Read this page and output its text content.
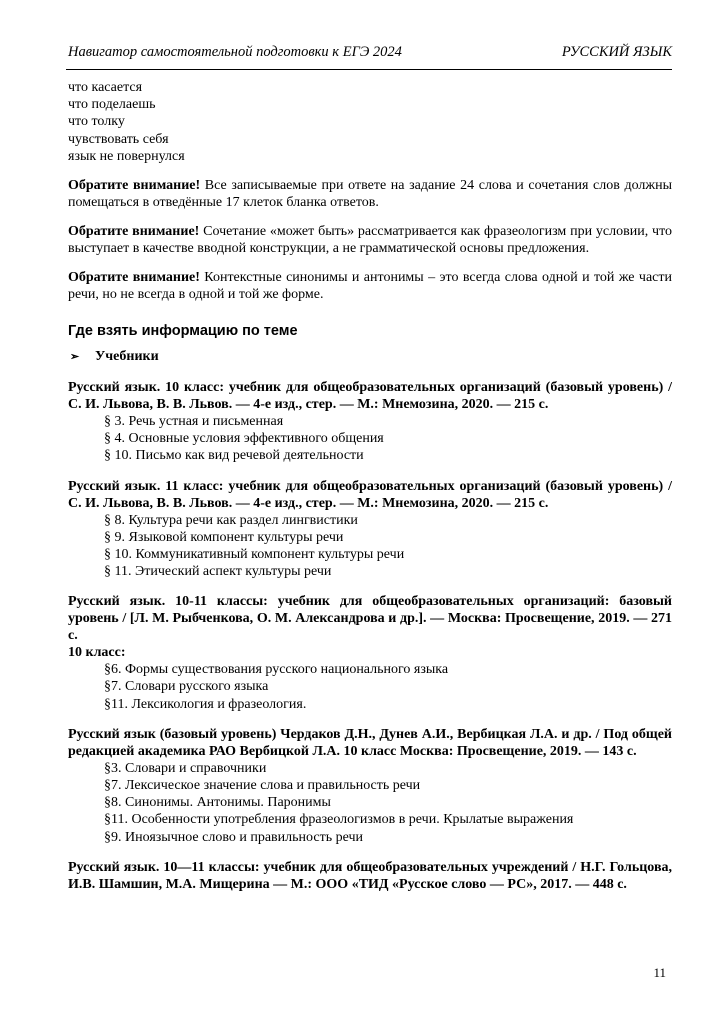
Навигатор самостоятельной подготовки к ЕГЭ 2024	РУССКИЙ ЯЗЫК
что касается
что поделаешь
что толку
чувствовать себя
язык не повернулся

Обратите внимание! Все записываемые при ответе на задание 24 слова и сочетания слов должны помещаться в отведённые 17 клеток бланка ответов.

Обратите внимание! Сочетание «может быть» рассматривается как фразеологизм при условии, что выступает в качестве вводной конструкции, а не грамматической основы предложения.

Обратите внимание! Контекстные синонимы и антонимы – это всегда слова одной и той же части речи, но не всегда в одной и той же форме.

Где взять информацию по теме
➢ Учебники

Русский язык. 10 класс: учебник для общеобразовательных организаций (базовый уровень) / С. И. Львова, В. В. Львов. — 4-е изд., стер. — М.: Мнемозина, 2020. — 215 с.

§ 3. Речь устная и письменная
§ 4. Основные условия эффективного общения
§ 10. Письмо как вид речевой деятельности

Русский язык. 11 класс: учебник для общеобразовательных организаций (базовый уровень) / С. И. Львова, В. В. Львов. — 4-е изд., стер. — М.: Мнемозина, 2020. — 215 с.

§ 8. Культура речи как раздел лингвистики
§ 9. Языковой компонент культуры речи
§ 10. Коммуникативный компонент культуры речи
§ 11. Этический аспект культуры речи

Русский язык. 10-11 классы: учебник для общеобразовательных организаций: базовый уровень / [Л. М. Рыбченкова, О. М. Александрова и др.]. — Москва: Просвещение, 2019. — 271 с.

10 класс:
§6. Формы существования русского национального языка
§7. Словари русского языка
§11. Лексикология и фразеология.

Русский язык (базовый уровень) Чердаков Д.Н., Дунев А.И., Вербицкая Л.А. и др. / Под общей редакцией академика РАО Вербицкой Л.А. 10 класс Москва: Просвещение, 2019. — 143 с.

§3. Словари и справочники
§7. Лексическое значение слова и правильность речи
§8. Синонимы. Антонимы. Паронимы
§11. Особенности употребления фразеологизмов в речи. Крылатые выражения
§9. Иноязычное слово и правильность речи

Русский язык. 10—11 классы: учебник для общеобразовательных учреждений / Н.Г. Гольцова, И.В. Шамшин, М.А. Мищерина — М.: ООО «ТИД «Русское слово — РС», 2017. — 448 с.

11
